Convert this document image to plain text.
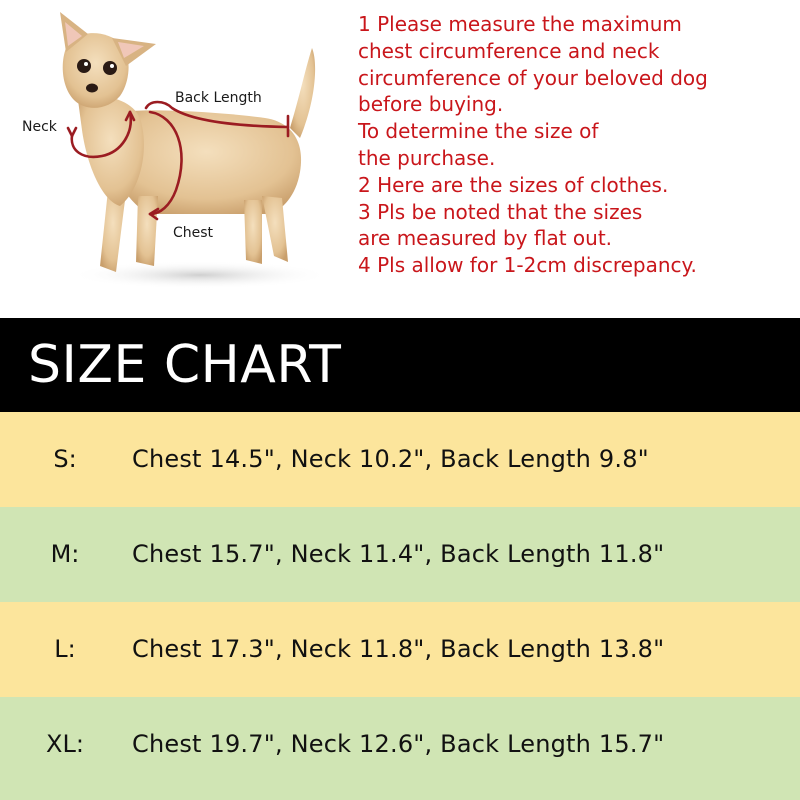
Neck
Back Length
Chest
1 Please measure the maximum
chest circumference and neck
circumference of your beloved dog
before buying.
To determine the size of
the purchase.
2 Here are the sizes of clothes.
3 Pls be noted that the sizes
are measured by flat out.
4 Pls allow for 1-2cm discrepancy.
SIZE CHART
S:	Chest 14.5", Neck 10.2", Back Length 9.8"
M:	Chest 15.7", Neck 11.4", Back Length 11.8"
L:	Chest 17.3", Neck 11.8", Back Length 13.8"
XL:	Chest 19.7", Neck 12.6", Back Length 15.7"
